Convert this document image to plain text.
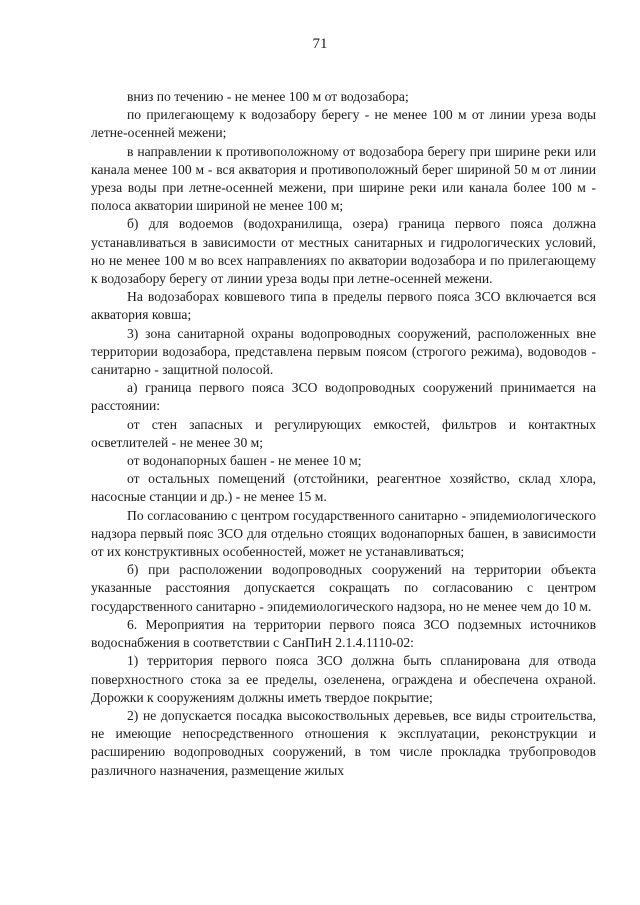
71

вниз по течению - не менее 100 м от водозабора;

по прилегающему к водозабору берегу - не менее 100 м от линии уреза воды летне-осенней межени;

в направлении к противоположному от водозабора берегу при ширине реки или канала менее 100 м - вся акватория и противоположный берег шириной 50 м от линии уреза воды при летне-осенней межени, при ширине реки или канала более 100 м - полоса акватории шириной не менее 100 м;

б) для водоемов (водохранилища, озера) граница первого пояса должна устанавливаться в зависимости от местных санитарных и гидрологических условий, но не менее 100 м во всех направлениях по акватории водозабора и по прилегающему к водозабору берегу от линии уреза воды при летне-осенней межени.

На водозаборах ковшевого типа в пределы первого пояса ЗСО включается вся акватория ковша;

3) зона санитарной охраны водопроводных сооружений, расположенных вне территории водозабора, представлена первым поясом (строгого режима), водоводов - санитарно - защитной полосой.

а) граница первого пояса ЗСО водопроводных сооружений принимается на расстоянии:

от стен запасных и регулирующих емкостей, фильтров и контактных осветлителей - не менее 30 м;

от водонапорных башен - не менее 10 м;

от остальных помещений (отстойники, реагентное хозяйство, склад хлора, насосные станции и др.) - не менее 15 м.

По согласованию с центром государственного санитарно - эпидемиологического надзора первый пояс ЗСО для отдельно стоящих водонапорных башен, в зависимости от их конструктивных особенностей, может не устанавливаться;

б) при расположении водопроводных сооружений на территории объекта указанные расстояния допускается сокращать по согласованию с центром государственного санитарно - эпидемиологического надзора, но не менее чем до 10 м.

6. Мероприятия на территории первого пояса ЗСО подземных источников водоснабжения в соответствии с СанПиН 2.1.4.1110-02:

1) территория первого пояса ЗСО должна быть спланирована для отвода поверхностного стока за ее пределы, озеленена, ограждена и обеспечена охраной. Дорожки к сооружениям должны иметь твердое покрытие;

2) не допускается посадка высокоствольных деревьев, все виды строительства, не имеющие непосредственного отношения к эксплуатации, реконструкции и расширению водопроводных сооружений, в том числе прокладка трубопроводов различного назначения, размещение жилых
